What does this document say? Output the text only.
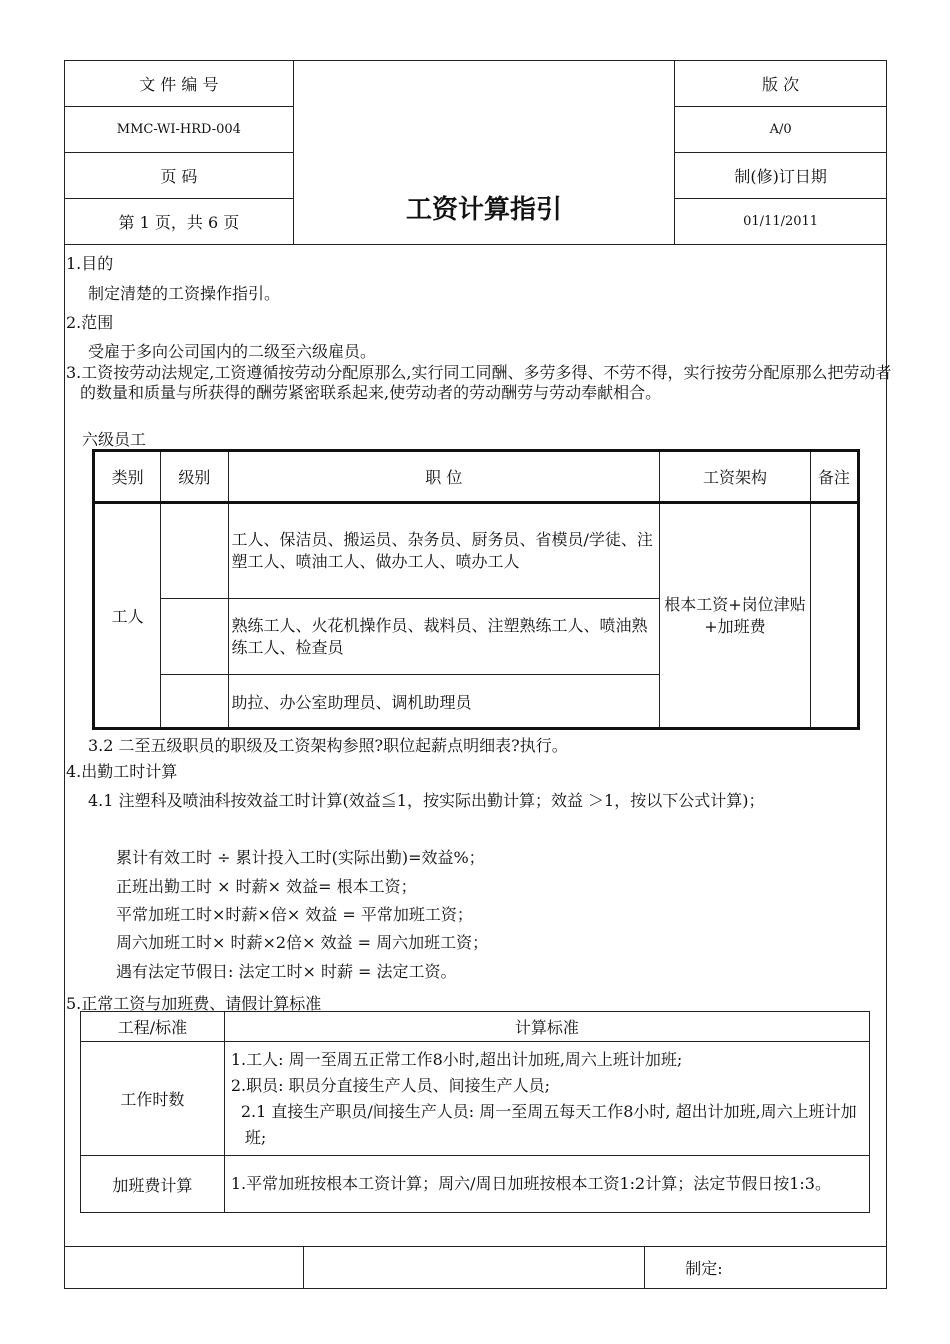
文 件 编 号	工资计算指引	版 次
MMC-WI-HRD-004		A/0
页 码		制(修)订日期
第 1 页，共 6 页		01/11/2011
1.目的
制定清楚的工资操作指引。
2.范围
受雇于多向公司国内的二级至六级雇员。
3.工资按劳动法规定,工资遵循按劳动分配原那么,实行同工同酬、多劳多得、不劳不得，实行按劳分配原那么把劳动者的数量和质量与所获得的酬劳紧密联系起来,使劳动者的劳动酬劳与劳动奉献相合。
六级员工
类别	级别	职 位	工资架构	备注
工人		工人、保洁员、搬运员、杂务员、厨务员、省模员/学徒、注塑工人、喷油工人、做办工人、喷办工人	根本工资+岗位津贴+加班费	
		熟练工人、火花机操作员、裁料员、注塑熟练工人、喷油熟练工人、检查员		
		助拉、办公室助理员、调机助理员		
3.2 二至五级职员的职级及工资架构参照?职位起薪点明细表?执行。
4.出勤工时计算
4.1 注塑科及喷油科按效益工时计算(效益≦1，按实际出勤计算；效益 ＞1，按以下公式计算)；
累计有效工时 ÷ 累计投入工时(实际出勤)=效益%；
正班出勤工时 × 时薪× 效益= 根本工资；
平常加班工时×时薪×倍× 效益 = 平常加班工资；
周六加班工时× 时薪×2倍× 效益 = 周六加班工资；
遇有法定节假日: 法定工时× 时薪 = 法定工资。
5.正常工资与加班费、请假计算标准
工程/标准	计算标准
工作时数	1.工人: 周一至周五正常工作8小时,超出计加班,周六上班计加班;
2.职员: 职员分直接生产人员、间接生产人员;
2.1 直接生产职员/间接生产人员: 周一至周五每天工作8小时, 超出计加班,周六上班计加班;

加班费计算	1.平常加班按根本工资计算；周六/周日加班按根本工资1:2计算；法定节假日按1:3。
		制定:
